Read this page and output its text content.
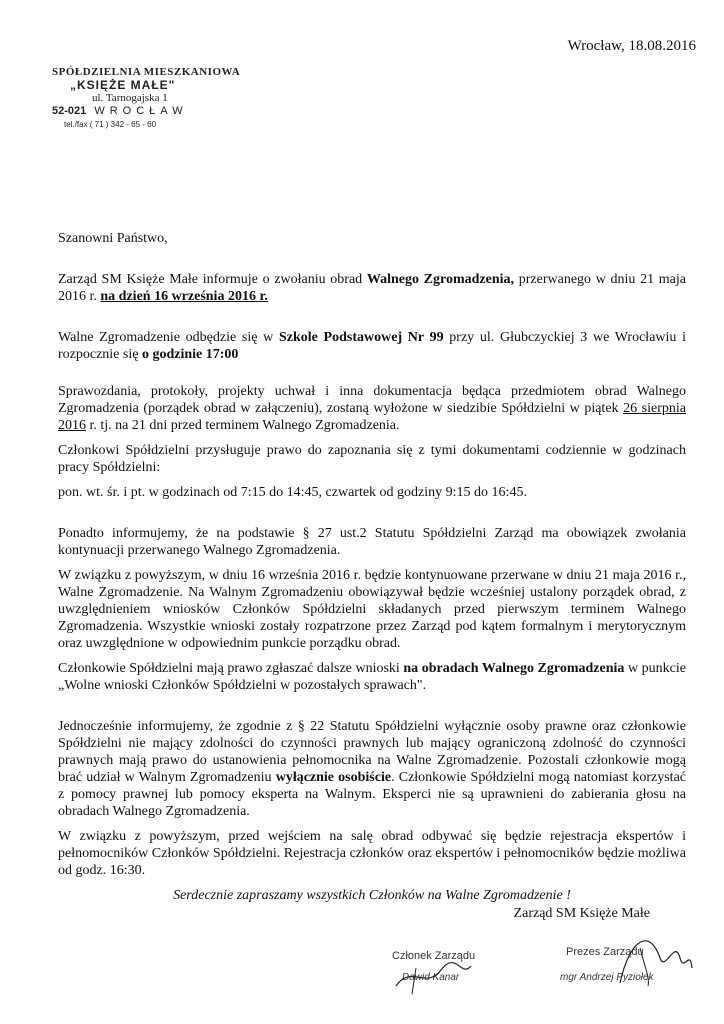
Wrocław, 18.08.2016
SPÓŁDZIELNIA MIESZKANIOWA
„KSIĘŻE MAŁE"
ul. Tarnogajska 1
52-021 WROCŁAW
tel./fax ( 71 ) 342 - 65 - 60

Szanowni Państwo,

Zarząd SM Księże Małe informuje o zwołaniu obrad Walnego Zgromadzenia, przerwanego w dniu 21 maja 2016 r. na dzień 16 września 2016 r.

Walne Zgromadzenie odbędzie się w Szkole Podstawowej Nr 99 przy ul. Głubczyckiej 3 we Wrocławiu i rozpocznie się o godzinie 17:00

Sprawozdania, protokoły, projekty uchwał i inna dokumentacja będąca przedmiotem obrad Walnego Zgromadzenia (porządek obrad w załączeniu), zostaną wyłożone w siedzibie Spółdzielni w piątek 26 sierpnia 2016 r. tj. na 21 dni przed terminem Walnego Zgromadzenia.

Członkowi Spółdzielni przysługuje prawo do zapoznania się z tymi dokumentami codziennie w godzinach pracy Spółdzielni:

pon. wt. śr. i pt. w godzinach od 7:15 do 14:45, czwartek od godziny 9:15 do 16:45.

Ponadto informujemy, że na podstawie § 27 ust.2 Statutu Spółdzielni Zarząd ma obowiązek zwołania kontynuacji przerwanego Walnego Zgromadzenia.

W związku z powyższym, w dniu 16 września 2016 r. będzie kontynuowane przerwane w dniu 21 maja 2016 r., Walne Zgromadzenie. Na Walnym Zgromadzeniu obowiązywał będzie wcześniej ustalony porządek obrad, z uwzględnieniem wniosków Członków Spółdzielni składanych przed pierwszym terminem Walnego Zgromadzenia. Wszystkie wnioski zostały rozpatrzone przez Zarząd pod kątem formalnym i merytorycznym oraz uwzględnione w odpowiednim punkcie porządku obrad.

Członkowie Spółdzielni mają prawo zgłaszać dalsze wnioski na obradach Walnego Zgromadzenia w punkcie „Wolne wnioski Członków Spółdzielni w pozostałych sprawach".

Jednocześnie informujemy, że zgodnie z § 22 Statutu Spółdzielni wyłącznie osoby prawne oraz członkowie Spółdzielni nie mający zdolności do czynności prawnych lub mający ograniczoną zdolność do czynności prawnych mają prawo do ustanowienia pełnomocnika na Walne Zgromadzenie. Pozostali członkowie mogą brać udział w Walnym Zgromadzeniu wyłącznie osobiście. Członkowie Spółdzielni mogą natomiast korzystać z pomocy prawnej lub pomocy eksperta na Walnym. Eksperci nie są uprawnieni do zabierania głosu na obradach Walnego Zgromadzenia.

W związku z powyższym, przed wejściem na salę obrad odbywać się będzie rejestracja ekspertów i pełnomocników Członków Spółdzielni. Rejestracja członków oraz ekspertów i pełnomocników będzie możliwa od godz. 16:30.

Serdecznie zapraszamy wszystkich Członków na Walne Zgromadzenie !
Zarząd SM Księże Małe
Członek Zarządu
Dawid Kanar
Prezes Zarządu
mgr Andrzej Pyziołek
